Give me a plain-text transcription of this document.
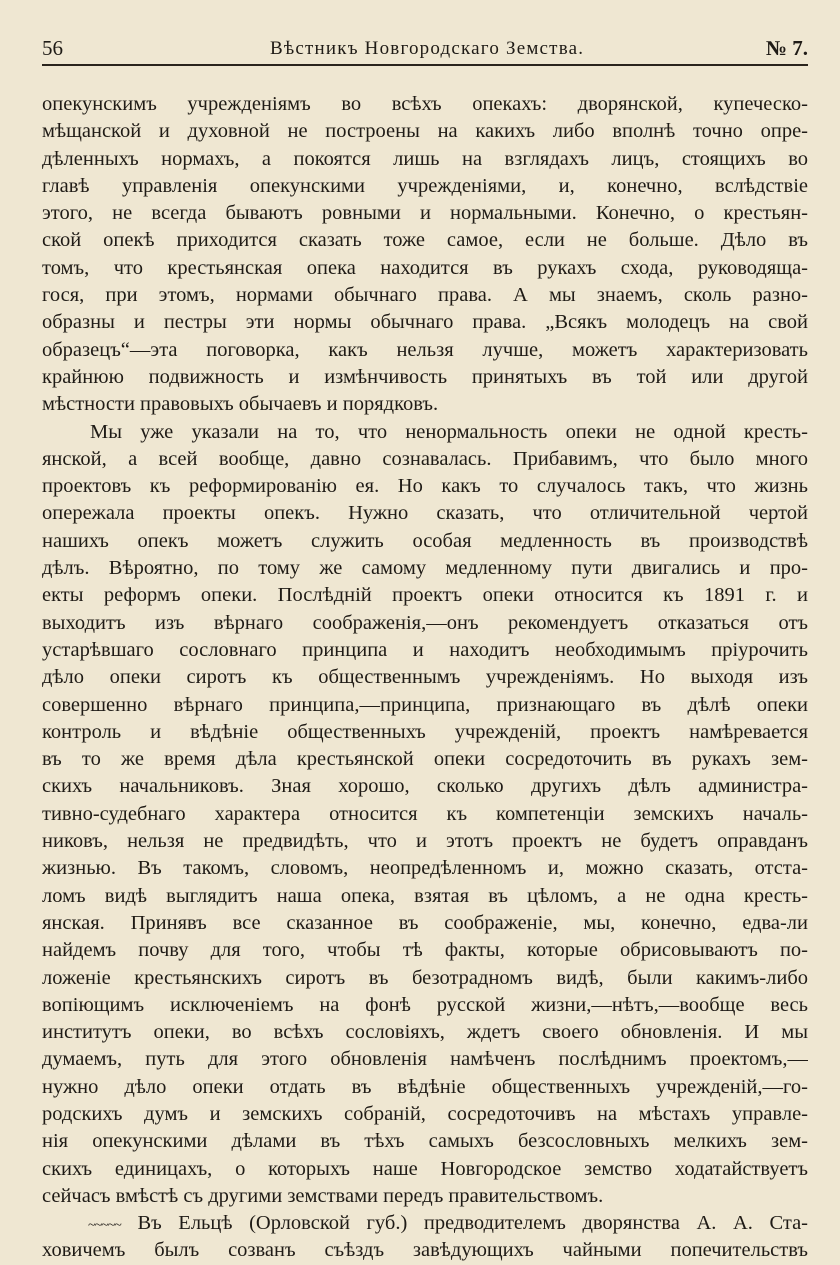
56	Вѣстникъ Новгородскаго Земства.	№ 7.
опекунскимъ учрежденіямъ во всѣхъ опекахъ: дворянской, купеческо-
мѣщанской и духовной не построены на какихъ либо вполнѣ точно опре-
дѣленныхъ нормахъ, а покоятся лишь на взглядахъ лицъ, стоящихъ во
главѣ управленія опекунскими учрежденіями, и, конечно, вслѣдствіе
этого, не всегда бываютъ ровными и нормальными. Конечно, о крестьян-
ской опекѣ приходится сказать тоже самое, если не больше. Дѣло въ
томъ, что крестьянская опека находится въ рукахъ схода, руководяща-
гося, при этомъ, нормами обычнаго права. А мы знаемъ, сколь разно-
образны и пестры эти нормы обычнаго права. „Всякъ молодецъ на свой
образецъ“—эта поговорка, какъ нельзя лучше, можетъ характеризовать
крайнюю подвижность и измѣнчивость принятыхъ въ той или другой
мѣстности правовыхъ обычаевъ и порядковъ.
Мы уже указали на то, что ненормальность опеки не одной кресть-
янской, а всей вообще, давно сознавалась. Прибавимъ, что было много
проектовъ къ реформированію ея. Но какъ то случалось такъ, что жизнь
опережала проекты опекъ. Нужно сказать, что отличительной чертой
нашихъ опекъ можетъ служить особая медленность въ производствѣ
дѣлъ. Вѣроятно, по тому же самому медленному пути двигались и про-
екты реформъ опеки. Послѣдній проектъ опеки относится къ 1891 г. и
выходитъ изъ вѣрнаго соображенія,—онъ рекомендуетъ отказаться отъ
устарѣвшаго сословнаго принципа и находитъ необходимымъ пріурочить
дѣло опеки сиротъ къ общественнымъ учрежденіямъ. Но выходя изъ
совершенно вѣрнаго принципа,—принципа, признающаго въ дѣлѣ опеки
контроль и вѣдѣніе общественныхъ учрежденій, проектъ намѣревается
въ то же время дѣла крестьянской опеки сосредоточить въ рукахъ зем-
скихъ начальниковъ. Зная хорошо, сколько другихъ дѣлъ администра-
тивно-судебнаго характера относится къ компетенціи земскихъ началь-
никовъ, нельзя не предвидѣть, что и этотъ проектъ не будетъ оправданъ
жизнью. Въ такомъ, словомъ, неопредѣленномъ и, можно сказать, отста-
ломъ видѣ выглядитъ наша опека, взятая въ цѣломъ, а не одна кресть-
янская. Принявъ все сказанное въ соображеніе, мы, конечно, едва-ли
найдемъ почву для того, чтобы тѣ факты, которые обрисовываютъ по-
ложеніе крестьянскихъ сиротъ въ безотрадномъ видѣ, были какимъ-либо
вопіющимъ исключеніемъ на фонѣ русской жизни,—нѣтъ,—вообще весь
институтъ опеки, во всѣхъ сословіяхъ, ждетъ своего обновленія. И мы
думаемъ, путь для этого обновленія намѣченъ послѣднимъ проектомъ,—
нужно дѣло опеки отдать въ вѣдѣніе общественныхъ учрежденій,—го-
родскихъ думъ и земскихъ собраній, сосредоточивъ на мѣстахъ управле-
нія опекунскими дѣлами въ тѣхъ самыхъ безсословныхъ мелкихъ зем-
скихъ единицахъ, о которыхъ наше Новгородское земство ходатайствуетъ
сейчасъ вмѣстѣ съ другими земствами передъ правительствомъ.
~~~~~ Въ Ельцѣ (Орловской губ.) предводителемъ дворянства А. А. Ста-
ховичемъ былъ созванъ съѣздъ завѣдующихъ чайными попечительствъ
